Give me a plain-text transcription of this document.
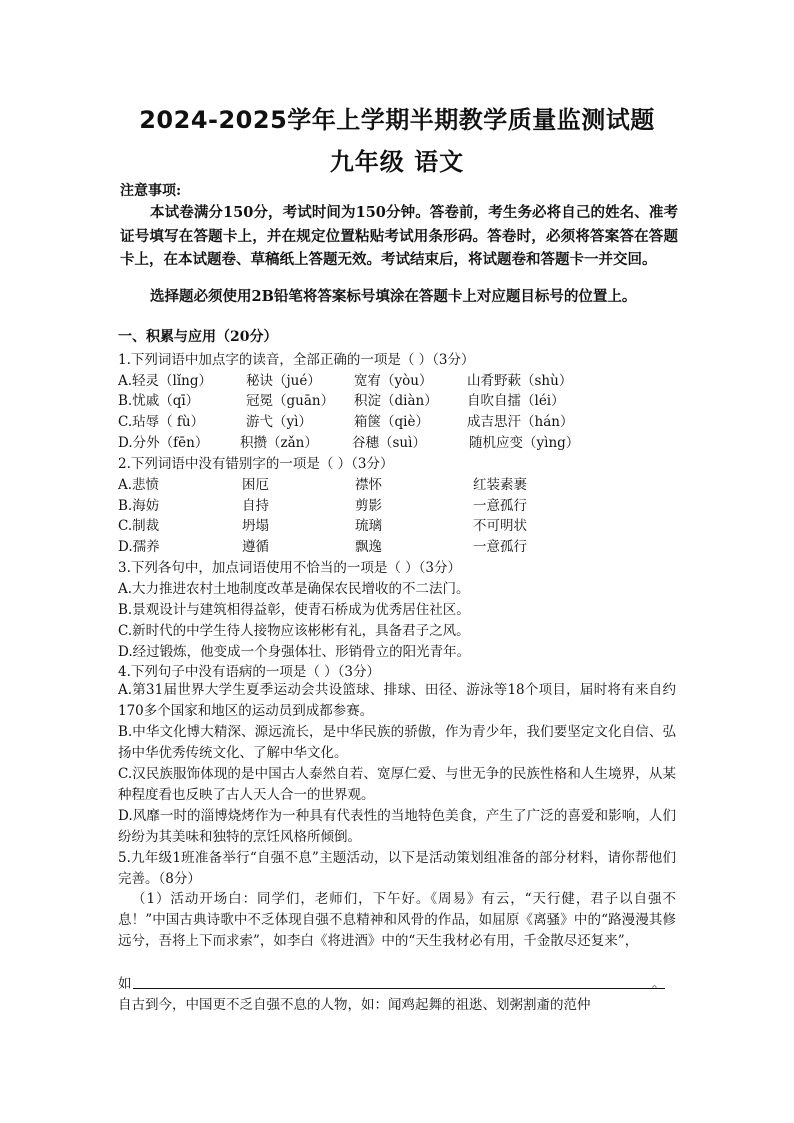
2024-2025学年上学期半期教学质量监测试题
九年级 语文
注意事项:
本试卷满分150分，考试时间为150分钟。答卷前，考生务必将自己的姓名、准考证号填写在答题卡上，并在规定位置粘贴考试用条形码。答卷时，必须将答案答在答题卡上，在本试题卷、草稿纸上答题无效。考试结束后，将试题卷和答题卡一并交回。
选择题必须使用2B铅笔将答案标号填涂在答题卡上对应题目标号的位置上。
一、积累与应用（20分）
1.下列词语中加点字的读音，全部正确的一项是（ ）（3分）
A.轻灵（lǐng）	秘诀（jué） 宽宥（yòu）	山肴野蔌（shù）
B.忧戚（qī）	冠冕（guān） 积淀（diàn） 自吹自擂（léi）
C.玷辱（ fù）	游弋（yì）	箱箧（qiè）	成吉思汗（hán）
D.分外（fēn） 积攒（zǎn）	谷穗（suì）	随机应变（yìng）
2.下列词语中没有错别字的一项是（ ）（3分）
A.悲愤	困厄	襟怀	红装素裹
B.海妨	自持	剪影	一意孤行
C.制裁	坍塌	琉璃	不可明状
D.孺养	遵循	飘逸	一意孤行
3.下列各句中，加点词语使用不恰当的一项是（ ）（3分）
A.大力推进农村土地制度改革是确保农民增收的不二法门。
B.景观设计与建筑相得益彰，使青石桥成为优秀居住社区。
C.新时代的中学生待人接物应该彬彬有礼，具备君子之风。
D.经过锻炼，他变成一个身强体壮、形销骨立的阳光青年。
4.下列句子中没有语病的一项是（ ）（3分）
A.第31届世界大学生夏季运动会共设篮球、排球、田径、游泳等18个项目，届时将有来自约170多个国家和地区的运动员到成都参赛。
B.中华文化博大精深、源远流长，是中华民族的骄傲，作为青少年，我们要坚定文化自信、弘扬中华优秀传统文化、了解中华文化。
C.汉民族服饰体现的是中国古人泰然自若、宽厚仁爱、与世无争的民族性格和人生境界，从某种程度看也反映了古人天人合一的世界观。
D.风靡一时的淄博烧烤作为一种具有代表性的当地特色美食，产生了广泛的喜爱和影响，人们纷纷为其美味和独特的烹饪风格所倾倒。
5.九年级1班准备举行“自强不息”主题活动，以下是活动策划组准备的部分材料，请你帮他们完善。（8分）
（1）活动开场白：同学们，老师们，下午好。《周易》有云，“天行健，君子以自强不息！”中国古典诗歌中不乏体现自强不息精神和风骨的作品，如屈原《离骚》中的“路漫漫其修远兮，吾将上下而求索”，如李白《将进酒》中的“天生我材必有用，千金散尽还复来”，
如	。
自古到今，中国更不乏自强不息的人物，如：闻鸡起舞的祖逖、划粥割齑的范仲
